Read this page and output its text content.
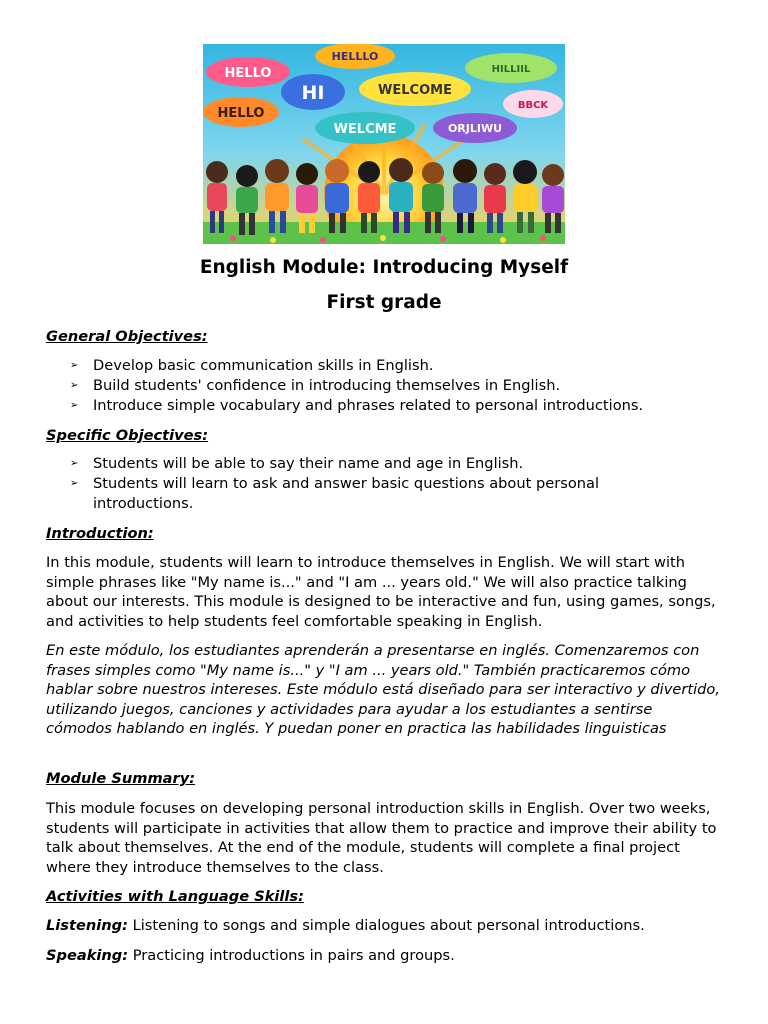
HELLO
HELLLO
HI	WELCOME
HILLIIL
HELLO
BBCK
WELCME	ORJLIWU
English Module: Introducing Myself
First grade
General Objectives:
➢ Develop basic communication skills in English.
➢ Build students' confidence in introducing themselves in English.
➢ Introduce simple vocabulary and phrases related to personal introductions.
Specific Objectives:
➢ Students will be able to say their name and age in English.
➢ Students will learn to ask and answer basic questions about personal introductions.
Introduction:

In this module, students will learn to introduce themselves in English. We will start with simple phrases like "My name is..." and "I am ... years old." We will also practice talking about our interests. This module is designed to be interactive and fun, using games, songs, and activities to help students feel comfortable speaking in English.

En este módulo, los estudiantes aprenderán a presentarse en inglés. Comenzaremos con frases simples como "My name is..." y "I am ... years old." También practicaremos cómo hablar sobre nuestros intereses. Este módulo está diseñado para ser interactivo y divertido, utilizando juegos, canciones y actividades para ayudar a los estudiantes a sentirse cómodos hablando en inglés. Y puedan poner en practica las habilidades linguisticas

Module Summary:

This module focuses on developing personal introduction skills in English. Over two weeks, students will participate in activities that allow them to practice and improve their ability to talk about themselves. At the end of the module, students will complete a final project where they introduce themselves to the class.

Activities with Language Skills:
Listening: Listening to songs and simple dialogues about personal introductions.
Speaking: Practicing introductions in pairs and groups.
